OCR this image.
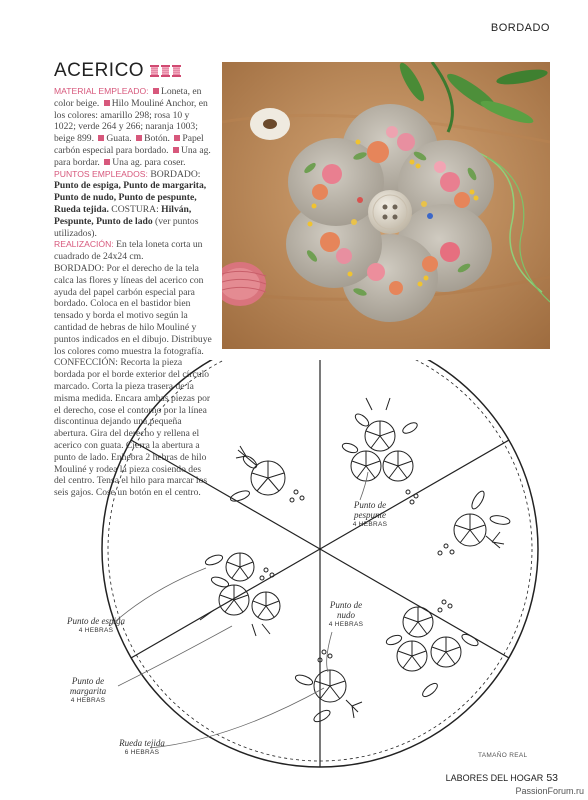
BORDADO
ACERICO

MATERIAL EMPLEADO: Loneta, en color beige. Hilo Mouliné Anchor, en los colores: amarillo 298; rosa 10 y 1022; verde 264 y 266; naranja 1003; beige 899. Guata. Botón. Papel carbón especial para bordado. Una ag. para bordar. Una ag. para coser.

PUNTOS EMPLEADOS: BORDADO: Punto de espiga, Punto de margarita, Punto de nudo, Punto de pespunte, Rueda tejida. COSTURA: Hilván, Pespunte, Punto de lado (ver puntos utilizados).

REALIZACIÓN: En tela loneta corta un cuadrado de 24x24 cm.

BORDADO: Por el derecho de la tela calca las flores y líneas del acerico con ayuda del papel carbón especial para bordado. Coloca en el bastidor bien tensado y borda el motivo según la cantidad de hebras de hilo Mouliné y puntos indicados en el dibujo. Distribuye los colores como muestra la fotografía.

CONFECCIÓN: Recorta la pieza bordada por el borde exterior del círculo marcado. Corta la pieza trasera de la misma medida. Encara ambas piezas por el derecho, cose el contorno por la línea discontinua dejando una pequeña abertura. Gira del derecho y rellena el acerico con guata. Cierra la abertura a punto de lado. Enhebra 2 hebras de hilo Mouliné y rodea la pieza cosiendo des del centro. Tensa el hilo para marcar los seis gajos. Cose un botón en el centro.

Punto de espiga
4 HEBRAS
Punto de margarita
4 HEBRAS
Rueda tejida
6 HEBRAS
Punto de pespunte
4 HEBRAS
Punto de nudo
4 HEBRAS
TAMAÑO REAL
LABORES DEL HOGAR 53
PassionForum.ru
